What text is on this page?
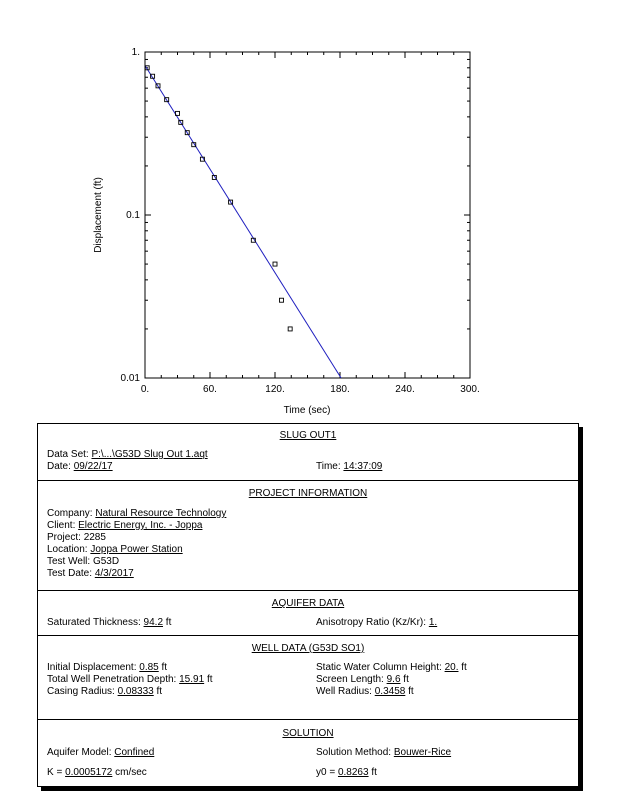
0.	60.	120.	180.	240.	300.
0.01
0.1
1.
Time (sec)
Displacement (ft)
SLUG OUT1
Data Set: P:\...\G53D Slug Out 1.aqt
Date: 09/22/17	Time: 14:37:09
PROJECT INFORMATION
Company: Natural Resource Technology
Client: Electric Energy, Inc. - Joppa
Project: 2285
Location: Joppa Power Station
Test Well: G53D
Test Date: 4/3/2017
AQUIFER DATA
Saturated Thickness: 94.2 ft	Anisotropy Ratio (Kz/Kr): 1.
WELL DATA (G53D SO1)
Initial Displacement: 0.85 ft	Static Water Column Height: 20. ft
Total Well Penetration Depth: 15.91 ft	Screen Length: 9.6 ft
Casing Radius: 0.08333 ft	Well Radius: 0.3458 ft
SOLUTION
Aquifer Model: Confined	Solution Method: Bouwer-Rice
K = 0.0005172 cm/sec	y0 = 0.8263 ft
